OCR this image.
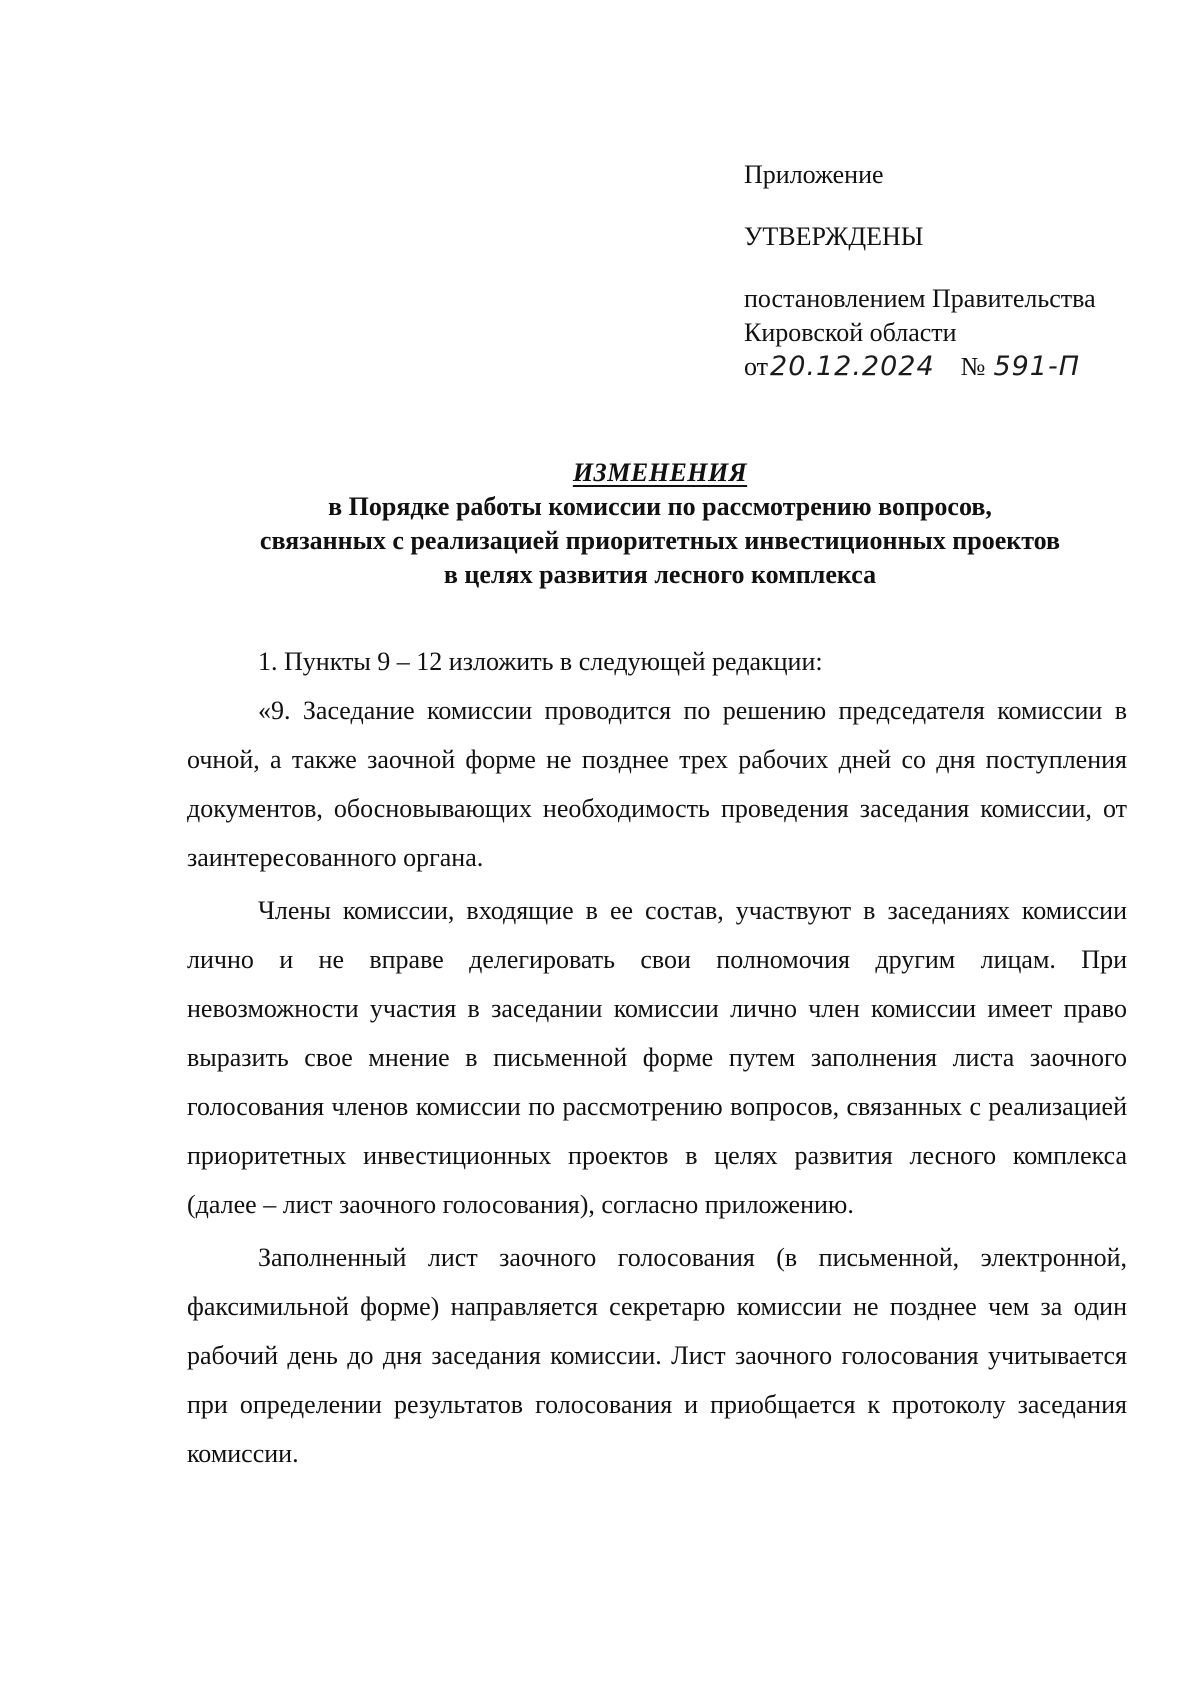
Приложение
УТВЕРЖДЕНЫ
постановлением Правительства
Кировской области
от 20.12.2024 № 591-П
ИЗМЕНЕНИЯ
в Порядке работы комиссии по рассмотрению вопросов,
связанных с реализацией приоритетных инвестиционных проектов
в целях развития лесного комплекса

1. Пункты 9 – 12 изложить в следующей редакции:

«9. Заседание комиссии проводится по решению председателя комиссии в очной, а также заочной форме не позднее трех рабочих дней со дня поступления документов, обосновывающих необходимость проведения заседания комиссии, от заинтересованного органа.

Члены комиссии, входящие в ее состав, участвуют в заседаниях комиссии лично и не вправе делегировать свои полномочия другим лицам. При невозможности участия в заседании комиссии лично член комиссии имеет право выразить свое мнение в письменной форме путем заполнения листа заочного голосования членов комиссии по рассмотрению вопросов, связанных с реализацией приоритетных инвестиционных проектов в целях развития лесного комплекса (далее – лист заочного голосования), согласно приложению.

Заполненный лист заочного голосования (в письменной, электронной, факсимильной форме) направляется секретарю комиссии не позднее чем за один рабочий день до дня заседания комиссии. Лист заочного голосования учитывается при определении результатов голосования и приобщается к протоколу заседания комиссии.
